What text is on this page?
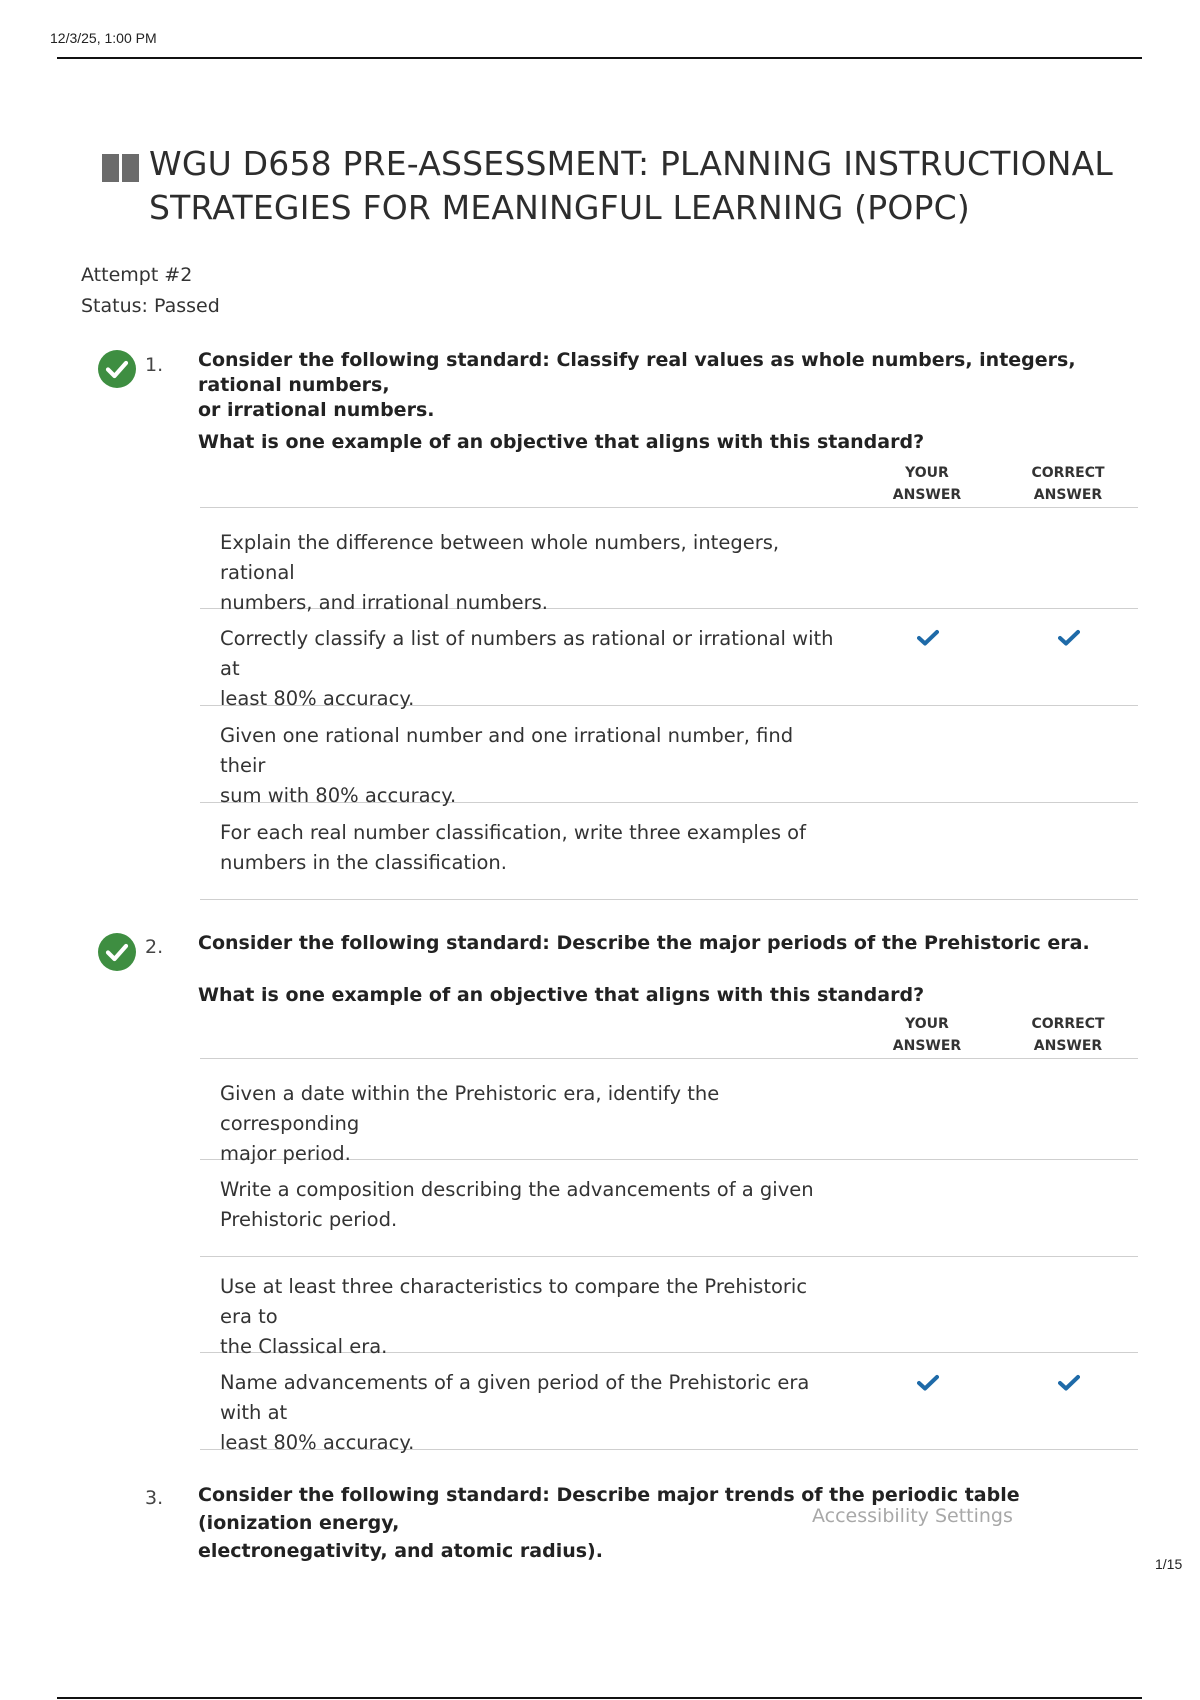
12/3/25, 1:00 PM
WGU D658 PRE-ASSESSMENT: PLANNING INSTRUCTIONAL
STRATEGIES FOR MEANINGFUL LEARNING (POPC)
Attempt #2
Status: Passed
1. Consider the following standard: Classify real values as whole numbers, integers, rational numbers,
or irrational numbers.
What is one example of an objective that aligns with this standard?
YOUR
ANSWER
CORRECT
ANSWER
Explain the difference between whole numbers, integers, rational
numbers, and irrational numbers.
Correctly classify a list of numbers as rational or irrational with at
least 80% accuracy.
Given one rational number and one irrational number, find their
sum with 80% accuracy.
For each real number classification, write three examples of
numbers in the classification.
2. Consider the following standard: Describe the major periods of the Prehistoric era.
What is one example of an objective that aligns with this standard?
YOUR
ANSWER
CORRECT
ANSWER
Given a date within the Prehistoric era, identify the corresponding
major period.
Write a composition describing the advancements of a given
Prehistoric period.
Use at least three characteristics to compare the Prehistoric era to
the Classical era.
Name advancements of a given period of the Prehistoric era with at
least 80% accuracy.
3. Consider the following standard: Describe major trends of the periodic table (ionization energy,
electronegativity, and atomic radius).
Accessibility Settings
1/15
